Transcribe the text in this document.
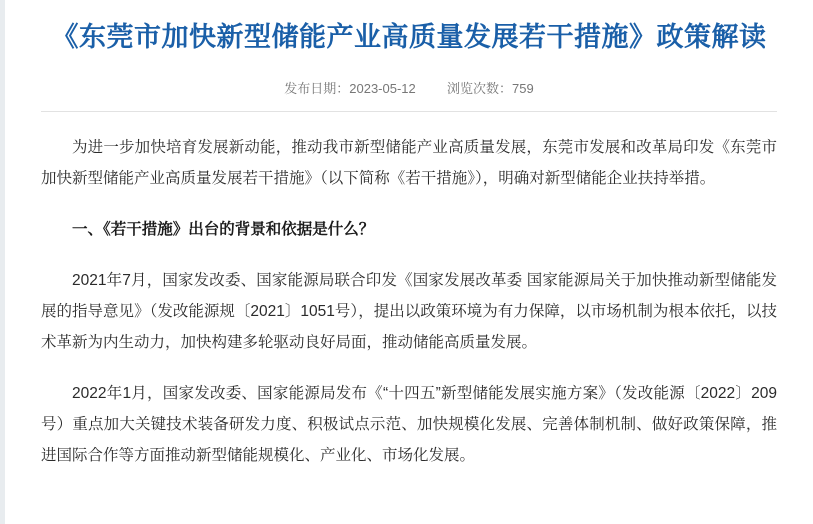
《东莞市加快新型储能产业高质量发展若干措施》政策解读
发布日期：2023-05-12 浏览次数：759
为进一步加快培育发展新动能，推动我市新型储能产业高质量发展，东莞市发展和改革局印发《东莞市加快新型储能产业高质量发展若干措施》（以下简称《若干措施》），明确对新型储能企业扶持举措。
一、《若干措施》出台的背景和依据是什么？
2021年7月，国家发改委、国家能源局联合印发《国家发展改革委 国家能源局关于加快推动新型储能发展的指导意见》（发改能源规〔2021〕1051号），提出以政策环境为有力保障，以市场机制为根本依托，以技术革新为内生动力，加快构建多轮驱动良好局面，推动储能高质量发展。
2022年1月，国家发改委、国家能源局发布《“十四五”新型储能发展实施方案》（发改能源〔2022〕209号）重点加大关键技术装备研发力度、积极试点示范、加快规模化发展、完善体制机制、做好政策保障，推进国际合作等方面推动新型储能规模化、产业化、市场化发展。
